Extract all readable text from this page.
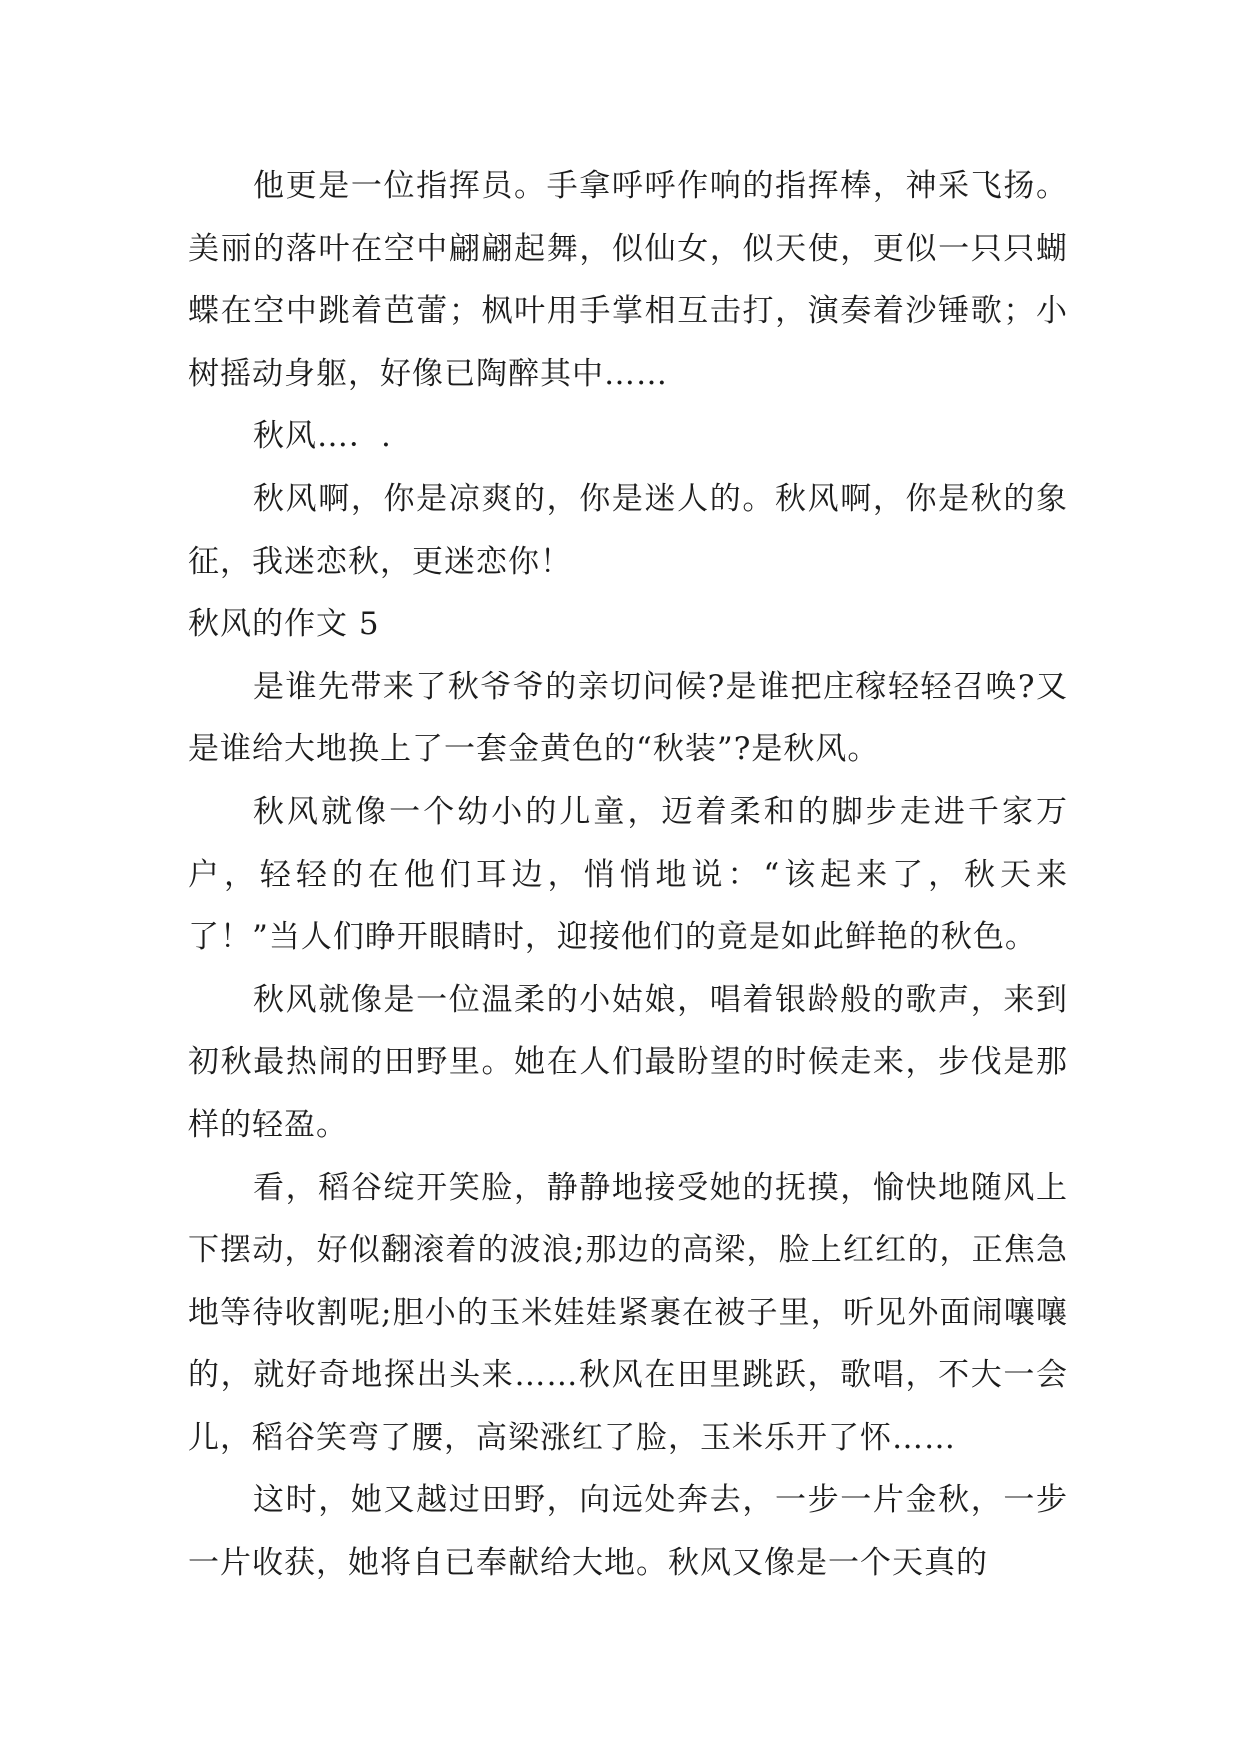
他更是一位指挥员。手拿呼呼作响的指挥棒，神采飞扬。美丽的落叶在空中翩翩起舞，似仙女，似天使，更似一只只蝴蝶在空中跳着芭蕾；枫叶用手掌相互击打，演奏着沙锤歌；小树摇动身躯，好像已陶醉其中……

秋风…．.

秋风啊，你是凉爽的，你是迷人的。秋风啊，你是秋的象征，我迷恋秋，更迷恋你！

秋风的作文 5

是谁先带来了秋爷爷的亲切问候?是谁把庄稼轻轻召唤?又是谁给大地换上了一套金黄色的“秋装”?是秋风。

秋风就像一个幼小的儿童，迈着柔和的脚步走进千家万户，轻轻的在他们耳边，悄悄地说：“该起来了，秋天来了！”当人们睁开眼睛时，迎接他们的竟是如此鲜艳的秋色。

秋风就像是一位温柔的小姑娘，唱着银龄般的歌声，来到初秋最热闹的田野里。她在人们最盼望的时候走来，步伐是那样的轻盈。

看，稻谷绽开笑脸，静静地接受她的抚摸，愉快地随风上下摆动，好似翻滚着的波浪;那边的高梁，脸上红红的，正焦急地等待收割呢;胆小的玉米娃娃紧裹在被子里，听见外面闹嚷嚷的，就好奇地探出头来……秋风在田里跳跃，歌唱，不大一会儿，稻谷笑弯了腰，高梁涨红了脸，玉米乐开了怀……

这时，她又越过田野，向远处奔去，一步一片金秋，一步一片收获，她将自已奉献给大地。秋风又像是一个天真的
